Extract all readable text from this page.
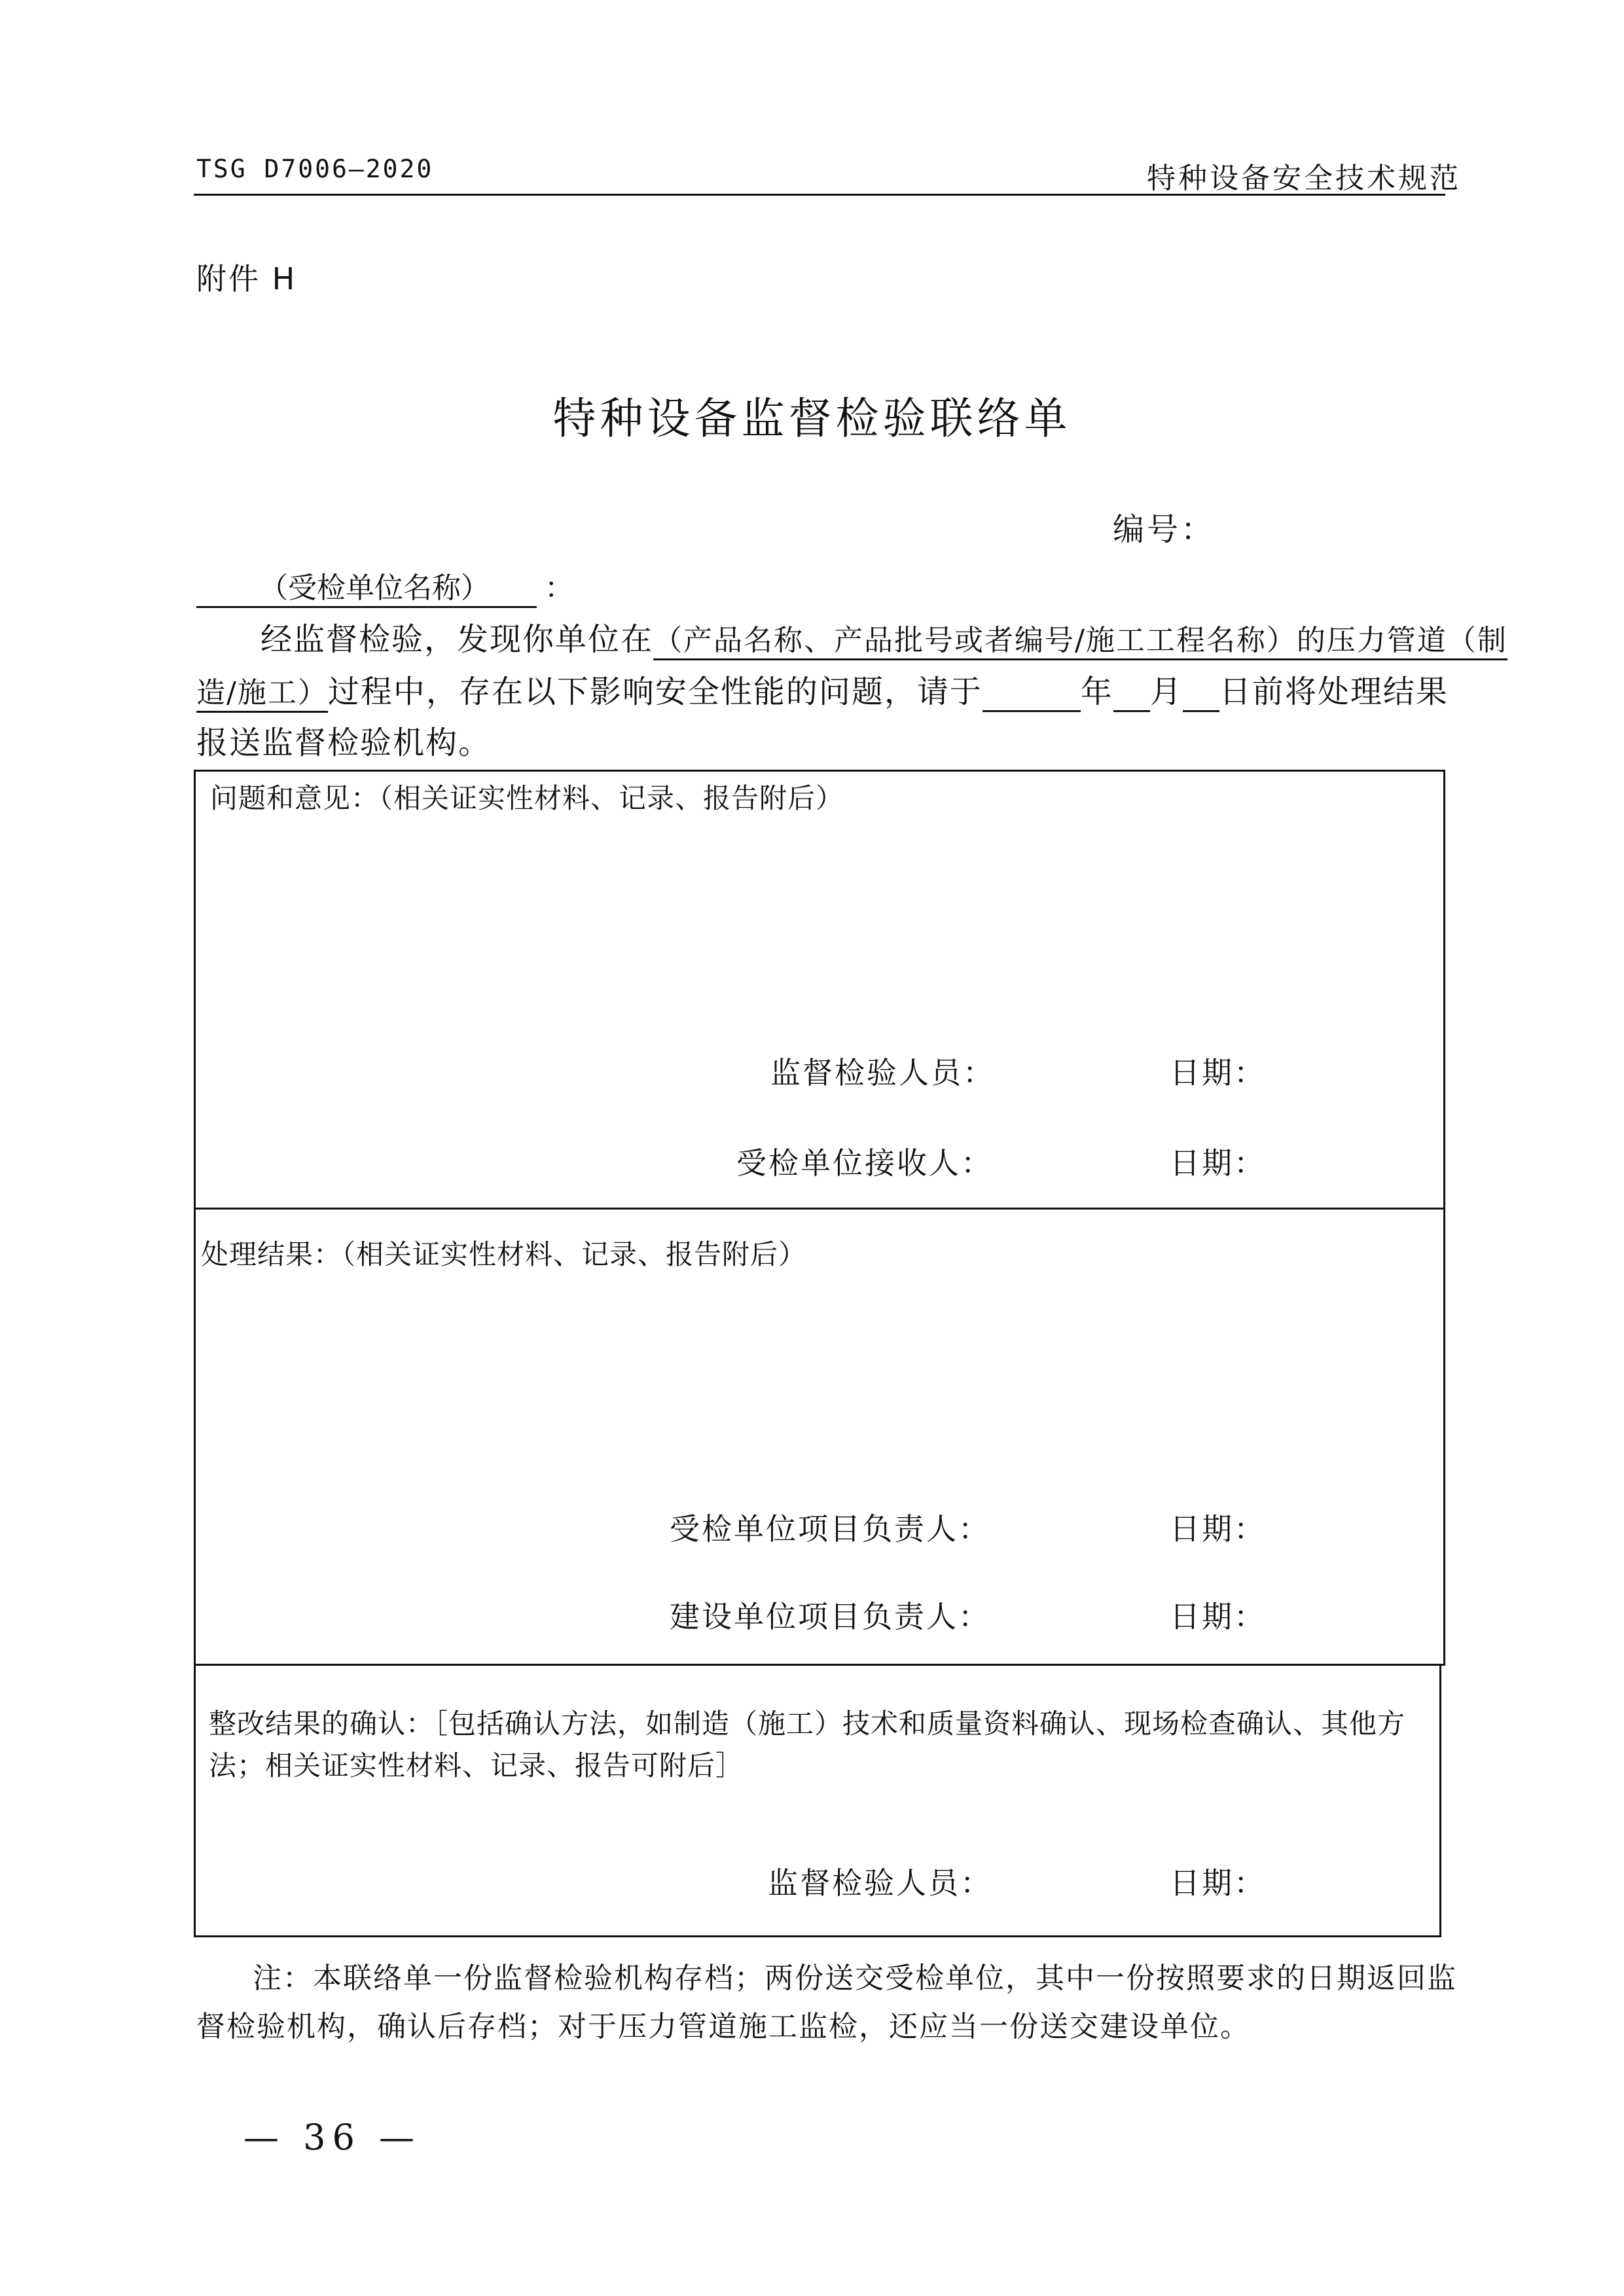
TSG D7006—2020	特种设备安全技术规范
附件 H
特种设备监督检验联络单
编号：
（受检单位名称） ：
经监督检验，发现你单位在（产品名称、产品批号或者编号/施工工程名称）的压力管道（制
造/施工）过程中，存在以下影响安全性能的问题，请于	年 月 日前将处理结果
报送监督检验机构。
问题和意见：（相关证实性材料、记录、报告附后）
监督检验人员：	日期：
受检单位接收人：	日期：
处理结果：（相关证实性材料、记录、报告附后）
受检单位项目负责人：	日期：
建设单位项目负责人：	日期：
整改结果的确认：［包括确认方法，如制造（施工）技术和质量资料确认、现场检查确认、其他方
法；相关证实性材料、记录、报告可附后］
监督检验人员：	日期：
注：本联络单一份监督检验机构存档；两份送交受检单位，其中一份按照要求的日期返回监
督检验机构，确认后存档；对于压力管道施工监检，还应当一份送交建设单位。
— 36 —
